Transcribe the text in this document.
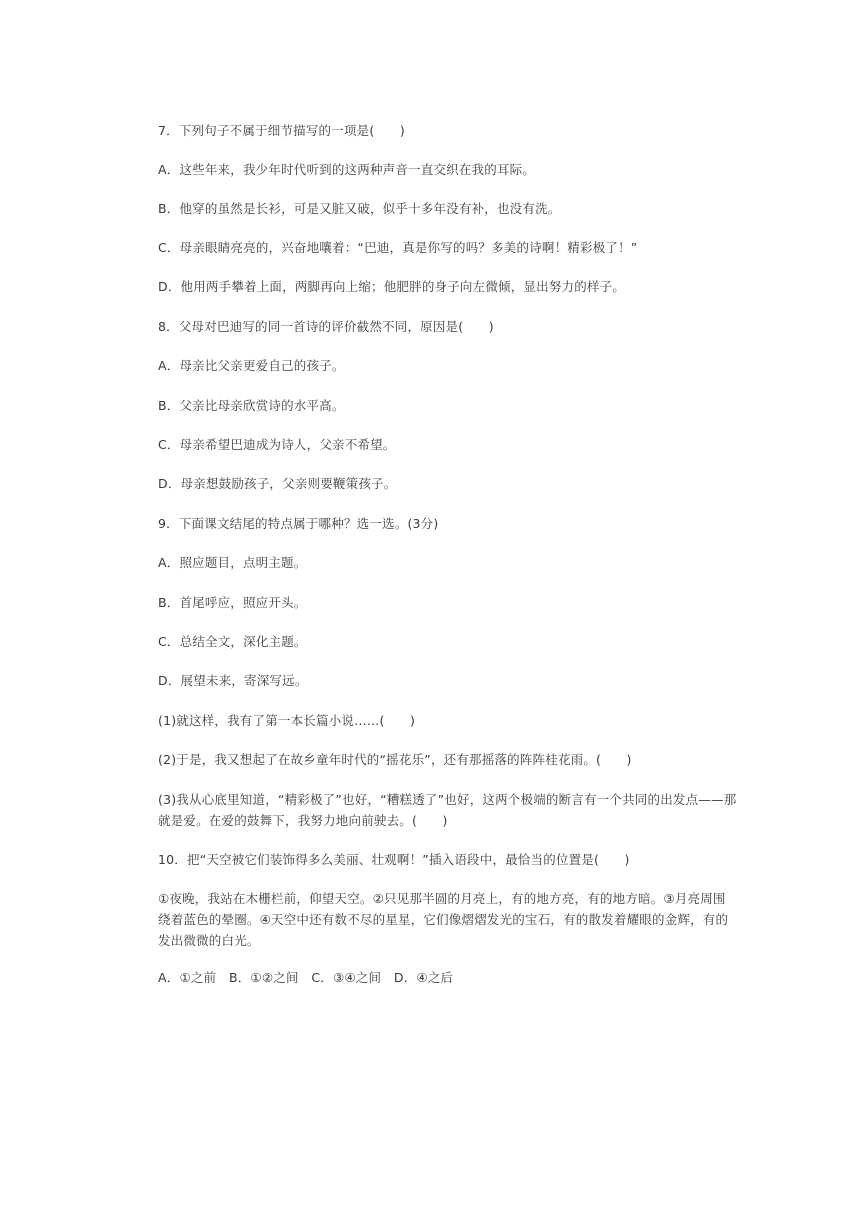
7．下列句子不属于细节描写的一项是(　　)
A．这些年来，我少年时代听到的这两种声音一直交织在我的耳际。
B．他穿的虽然是长衫，可是又脏又破，似乎十多年没有补，也没有洗。
C．母亲眼睛亮亮的，兴奋地嚷着：“巴迪，真是你写的吗？多美的诗啊！精彩极了！”
D．他用两手攀着上面，两脚再向上缩；他肥胖的身子向左微倾，显出努力的样子。
8．父母对巴迪写的同一首诗的评价截然不同，原因是(　　)
A．母亲比父亲更爱自己的孩子。
B．父亲比母亲欣赏诗的水平高。
C．母亲希望巴迪成为诗人，父亲不希望。
D．母亲想鼓励孩子，父亲则要鞭策孩子。
9．下面课文结尾的特点属于哪种？选一选。(3分)
A．照应题目，点明主题。
B．首尾呼应，照应开头。
C．总结全文，深化主题。
D．展望未来，寄深写远。
(1)就这样，我有了第一本长篇小说……(　　)
(2)于是，我又想起了在故乡童年时代的“摇花乐”，还有那摇落的阵阵桂花雨。(　　)
(3)我从心底里知道，“精彩极了”也好，“糟糕透了”也好，这两个极端的断言有一个共同的出发点——那就是爱。在爱的鼓舞下，我努力地向前驶去。(　　)
10．把“天空被它们装饰得多么美丽、壮观啊！”插入语段中，最恰当的位置是(　　)
①夜晚，我站在木栅栏前，仰望天空。②只见那半圆的月亮上，有的地方亮，有的地方暗。③月亮周围绕着蓝色的晕圈。④天空中还有数不尽的星星，它们像熠熠发光的宝石，有的散发着耀眼的金辉，有的发出微微的白光。
A．①之前　B．①②之间　C．③④之间　D．④之后
